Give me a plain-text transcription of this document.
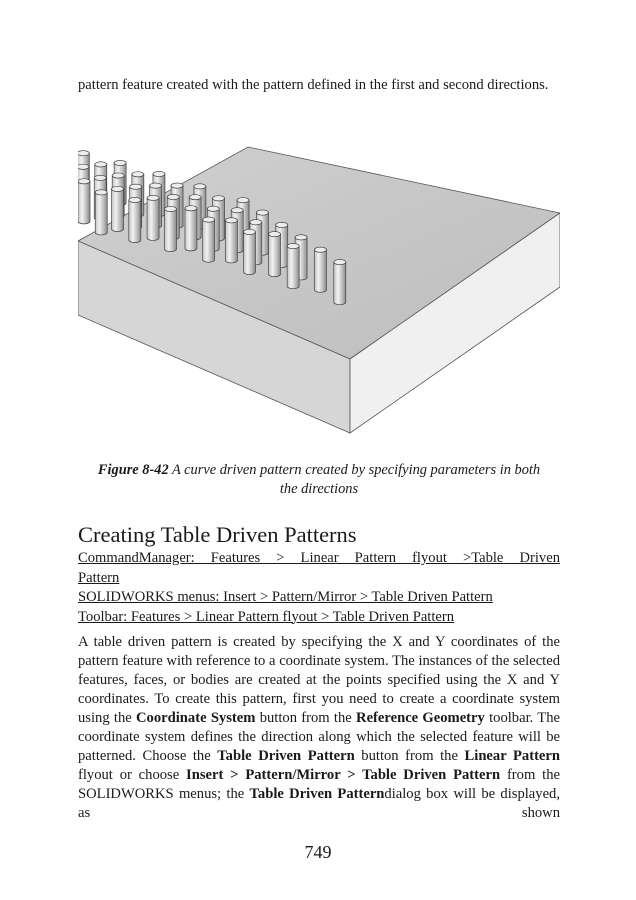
pattern feature created with the pattern defined in the first and second directions.

Figure 8-42 A curve driven pattern created by specifying parameters in both the directions

Creating Table Driven Patterns

CommandManager: Features > Linear Pattern flyout >Table Driven

Pattern

SOLIDWORKS menus: Insert > Pattern/Mirror > Table Driven Pattern

Toolbar: Features > Linear Pattern flyout > Table Driven Pattern

A table driven pattern is created by specifying the X and Y coordinates of the pattern feature with reference to a coordinate system. The instances of the selected features, faces, or bodies are created at the points specified using the X and Y coordinates. To create this pattern, first you need to create a coordinate system using the Coordinate System button from the Reference Geometry toolbar. The coordinate system defines the direction along which the selected feature will be patterned. Choose the Table Driven Pattern button from the Linear Pattern flyout or choose Insert > Pattern/Mirror > Table Driven Pattern from the SOLIDWORKS menus; the Table Driven Patterndialog box will be displayed, as shown

749
